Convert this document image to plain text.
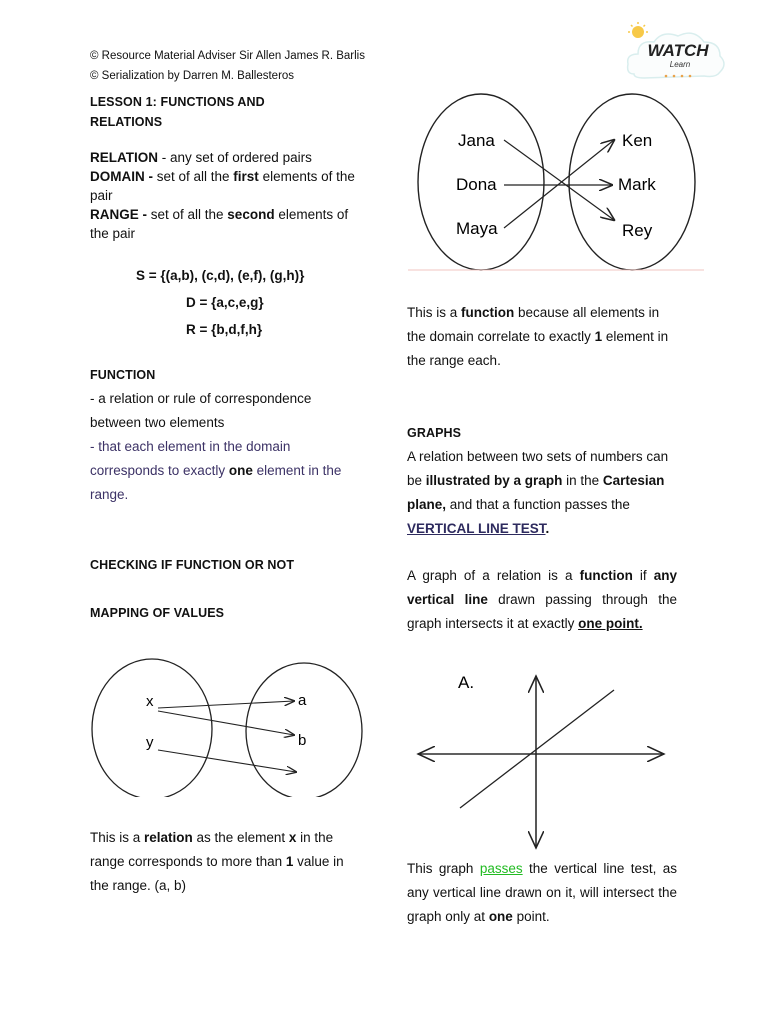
© Resource Material Adviser Sir Allen James R. Barlis
© Serialization by Darren M. Ballesteros
WATCH
Learn
LESSON 1: FUNCTIONS AND
RELATIONS
RELATION - any set of ordered pairs
DOMAIN - set of all the first elements of the pair
RANGE - set of all the second elements of the pair
S = {(a,b), (c,d), (e,f), (g,h)}
D = {a,c,e,g}
R = {b,d,f,h}
FUNCTION
- a relation or rule of correspondence between two elements
- that each element in the domain corresponds to exactly one element in the range.
CHECKING IF FUNCTION OR NOT
MAPPING OF VALUES
x
y
a
b
This is a relation as the element x in the range corresponds to more than 1 value in the range. (a, b)
Jana
Dona
Maya
Ken
Mark
Rey
This is a function because all elements in the domain correlate to exactly 1 element in the range each.
GRAPHS
A relation between two sets of numbers can be illustrated by a graph in the Cartesian plane, and that a function passes the VERTICAL LINE TEST.
A graph of a relation is a function if any vertical line drawn passing through the graph intersects it at exactly one point.
A.
This graph passes the vertical line test, as any vertical line drawn on it, will intersect the graph only at one point.
